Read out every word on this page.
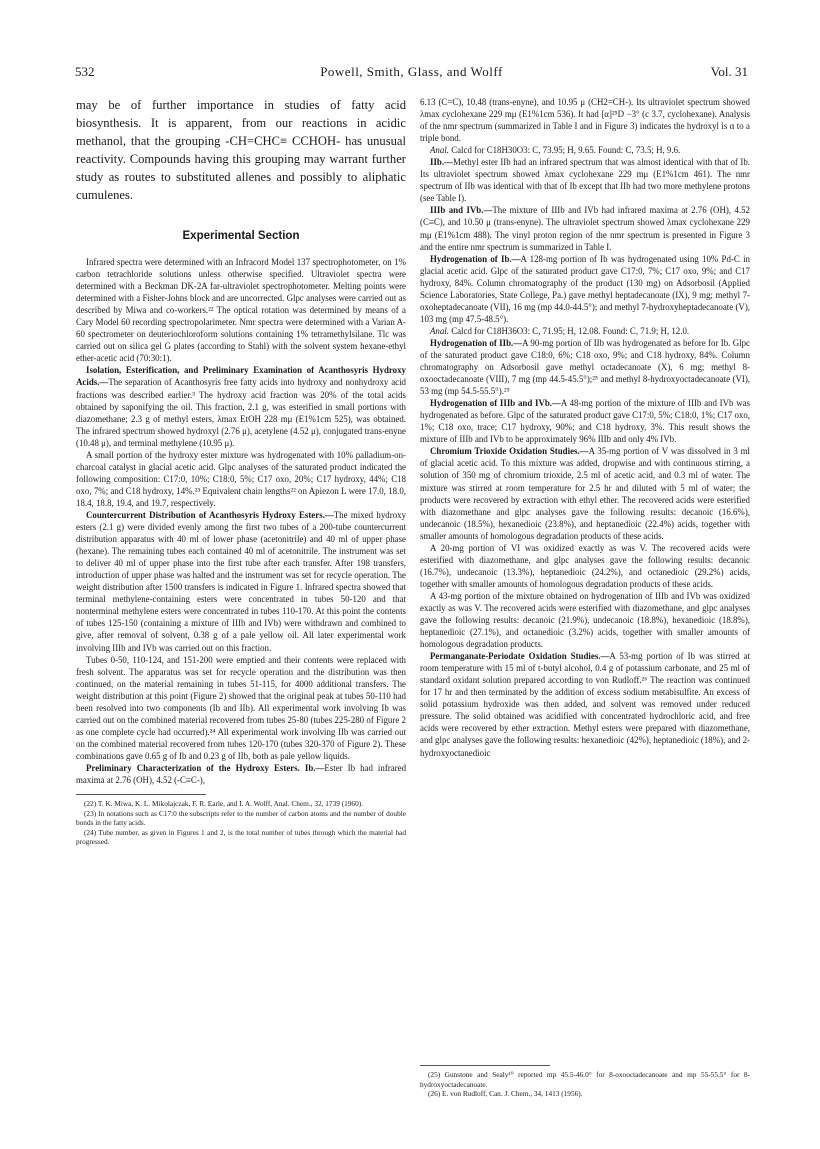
532	Powell, Smith, Glass, and Wolff	Vol. 31

may be of further importance in studies of fatty acid biosynthesis. It is apparent, from our reactions in acidic methanol, that the grouping -CH=CHC≡ CCHOH- has unusual reactivity. Compounds having this grouping may warrant further study as routes to substituted allenes and possibly to aliphatic cumulenes.

Experimental Section

Infrared spectra were determined with an Infracord Model 137 spectrophotometer, on 1% carbon tetrachloride solutions unless otherwise specified. Ultraviolet spectra were determined with a Beckman DK-2A far-ultraviolet spectrophotometer. Melting points were determined with a Fisher-Johns block and are uncorrected. Glpc analyses were carried out as described by Miwa and co-workers.²² The optical rotation was determined by means of a Cary Model 60 recording spectropolarimeter. Nmr spectra were determined with a Varian A-60 spectrometer on deuteriochloroform solutions containing 1% tetramethylsilane. Tlc was carried out on silica gel G plates (according to Stahl) with the solvent system hexane-ethyl ether-acetic acid (70:30:1).

Isolation, Esterification, and Preliminary Examination of Acanthosyris Hydroxy Acids.—The separation of Acanthosyris free fatty acids into hydroxy and nonhydroxy acid fractions was described earlier.³ The hydroxy acid fraction was 20% of the total acids obtained by saponifying the oil. This fraction, 2.1 g, was esterified in small portions with diazomethane; 2.3 g of methyl esters, λmax EtOH 228 mμ (E1%1cm 525), was obtained. The infrared spectrum showed hydroxyl (2.76 μ), acetylene (4.52 μ), conjugated trans-enyne (10.48 μ), and terminal methylene (10.95 μ).

A small portion of the hydroxy ester mixture was hydrogenated with 10% palladium-on-charcoal catalyst in glacial acetic acid. Glpc analyses of the saturated product indicated the following composition: C17:0, 10%; C18:0, 5%; C17 oxo, 20%; C17 hydroxy, 44%; C18 oxo, 7%; and C18 hydroxy, 14%.²³ Equivalent chain lengths²² on Apiezon L were 17.0, 18.0, 18.4, 18.8, 19.4, and 19.7, respectively.

Countercurrent Distribution of Acanthosyris Hydroxy Esters.—The mixed hydroxy esters (2.1 g) were divided evenly among the first two tubes of a 200-tube countercurrent distribution apparatus with 40 ml of lower phase (acetonitrile) and 40 ml of upper phase (hexane). The remaining tubes each contained 40 ml of acetonitrile. The instrument was set to deliver 40 ml of upper phase into the first tube after each transfer. After 198 transfers, introduction of upper phase was halted and the instrument was set for recycle operation. The weight distribution after 1500 transfers is indicated in Figure 1. Infrared spectra showed that terminal methylene-containing esters were concentrated in tubes 50-120 and that nonterminal methylene esters were concentrated in tubes 110-170. At this point the contents of tubes 125-150 (containing a mixture of IIIb and IVb) were withdrawn and combined to give, after removal of solvent, 0.38 g of a pale yellow oil. All later experimental work involving IIIb and IVb was carried out on this fraction.

Tubes 0-50, 110-124, and 151-200 were emptied and their contents were replaced with fresh solvent. The apparatus was set for recycle operation and the distribution was then continued, on the material remaining in tubes 51-115, for 4000 additional transfers. The weight distribution at this point (Figure 2) showed that the original peak at tubes 50-110 had been resolved into two components (Ib and IIb). All experimental work involving Ib was carried out on the combined material recovered from tubes 25-80 (tubes 225-280 of Figure 2 as one complete cycle had occurred).²⁴ All experimental work involving IIb was carried out on the combined material recovered from tubes 120-170 (tubes 320-370 of Figure 2). These combinations gave 0.65 g of Ib and 0.23 g of IIb, both as pale yellow liquids.

Preliminary Characterization of the Hydroxy Esters. Ib.—Ester Ib had infrared maxima at 2.76 (OH), 4.52 (-C≡C-),

(22) T. K. Miwa, K. L. Mikolajczak, F. R. Earle, and I. A. Wolff, Anal. Chem., 32, 1739 (1960).

(23) In notations such as C17:0 the subscripts refer to the number of carbon atoms and the number of double bonds in the fatty acids.

(24) Tube number, as given in Figures 1 and 2, is the total number of tubes through which the material had progressed.

6.13 (C=C), 10.48 (trans-enyne), and 10.95 μ (CH2=CH-). Its ultraviolet spectrum showed λmax cyclohexane 229 mμ (E1%1cm 536). It had [α]²⁵D −3° (c 3.7, cyclohexane). Analysis of the nmr spectrum (summarized in Table I and in Figure 3) indicates the hydroxyl is α to a triple bond.

Anal. Calcd for C18H30O3: C, 73.95; H, 9.65. Found: C, 73.5; H, 9.6.

IIb.—Methyl ester IIb had an infrared spectrum that was almost identical with that of Ib. Its ultraviolet spectrum showed λmax cyclohexane 229 mμ (E1%1cm 461). The nmr spectrum of IIb was identical with that of Ib except that IIb had two more methylene protons (see Table I).

IIIb and IVb.—The mixture of IIIb and IVb had infrared maxima at 2.76 (OH), 4.52 (C≡C), and 10.50 μ (trans-enyne). The ultraviolet spectrum showed λmax cyclohexane 229 mμ (E1%1cm 488). The vinyl proton region of the nmr spectrum is presented in Figure 3 and the entire nmr spectrum is summarized in Table I.

Hydrogenation of Ib.—A 128-mg portion of Ib was hydrogenated using 10% Pd-C in glacial acetic acid. Glpc of the saturated product gave C17:0, 7%; C17 oxo, 9%; and C17 hydroxy, 84%. Column chromatography of the product (130 mg) on Adsorbosil (Applied Science Laboratories, State College, Pa.) gave methyl heptadecanoate (IX), 9 mg; methyl 7-oxoheptadecanoate (VII), 16 mg (mp 44.0-44.5°); and methyl 7-hydroxyheptadecanoate (V), 103 mg (mp 47.5-48.5°).

Anal. Calcd for C18H36O3: C, 71.95; H, 12.08. Found: C, 71.9; H, 12.0.

Hydrogenation of IIb.—A 90-mg portion of IIb was hydrogenated as before for Ib. Glpc of the saturated product gave C18:0, 6%; C18 oxo, 9%; and C18 hydroxy, 84%. Column chromatography on Adsorbosil gave methyl octadecanoate (X), 6 mg; methyl 8-oxooctadecanoate (VIII), 7 mg (mp 44.5-45.5°);²⁵ and methyl 8-hydroxyoctadecanoate (VI), 53 mg (mp 54.5-55.5°).²⁵

Hydrogenation of IIIb and IVb.—A 48-mg portion of the mixture of IIIb and IVb was hydrogenated as before. Glpc of the saturated product gave C17:0, 5%; C18:0, 1%; C17 oxo, 1%; C18 oxo, trace; C17 hydroxy, 90%; and C18 hydroxy, 3%. This result shows the mixture of IIIb and IVb to be approximately 96% IIIb and only 4% IVb.

Chromium Trioxide Oxidation Studies.—A 35-mg portion of V was dissolved in 3 ml of glacial acetic acid. To this mixture was added, dropwise and with continuous stirring, a solution of 350 mg of chromium trioxide, 2.5 ml of acetic acid, and 0.3 ml of water. The mixture was stirred at room temperature for 2.5 hr and diluted with 5 ml of water; the products were recovered by extraction with ethyl ether. The recovered acids were esterified with diazomethane and glpc analyses gave the following results: decanoic (16.6%), undecanoic (18.5%), hexanedioic (23.8%), and heptanedioic (22.4%) acids, together with smaller amounts of homologous degradation products of these acids.

A 20-mg portion of VI was oxidized exactly as was V. The recovered acids were esterified with diazomethane, and glpc analyses gave the following results: decanoic (16.7%), undecanoic (13.3%), heptanedioic (24.2%), and octanedioic (29.2%) acids, together with smaller amounts of homologous degradation products of these acids.

A 43-mg portion of the mixture obtained on hydrogenation of IIIb and IVb was oxidized exactly as was V. The recovered acids were esterified with diazomethane, and glpc analyses gave the following results: decanoic (21.9%), undecanoic (18.8%), hexanedioic (18.8%), heptanedioic (27.1%), and octanedioic (3.2%) acids, together with smaller amounts of homologous degradation products.

Permanganate-Periodate Oxidation Studies.—A 53-mg portion of Ib was stirred at room temperature with 15 ml of t-butyl alcohol, 0.4 g of potassium carbonate, and 25 ml of standard oxidant solution prepared according to von Rudloff.²⁶ The reaction was continued for 17 hr and then terminated by the addition of excess sodium metabisulfite. An excess of solid potassium hydroxide was then added, and solvent was removed under reduced pressure. The solid obtained was acidified with concentrated hydrochloric acid, and free acids were recovered by ether extraction. Methyl esters were prepared with diazomethane, and glpc analyses gave the following results: hexanedioic (42%), heptanedioic (18%), and 2-hydroxyoctanedioic

(25) Gunstone and Sealy¹⁰ reported mp 45.5-46.0° for 8-oxooctadecanoate and mp 55-55.5° for 8-hydroxyoctadecanoate.

(26) E. von Rudloff, Can. J. Chem., 34, 1413 (1956).
